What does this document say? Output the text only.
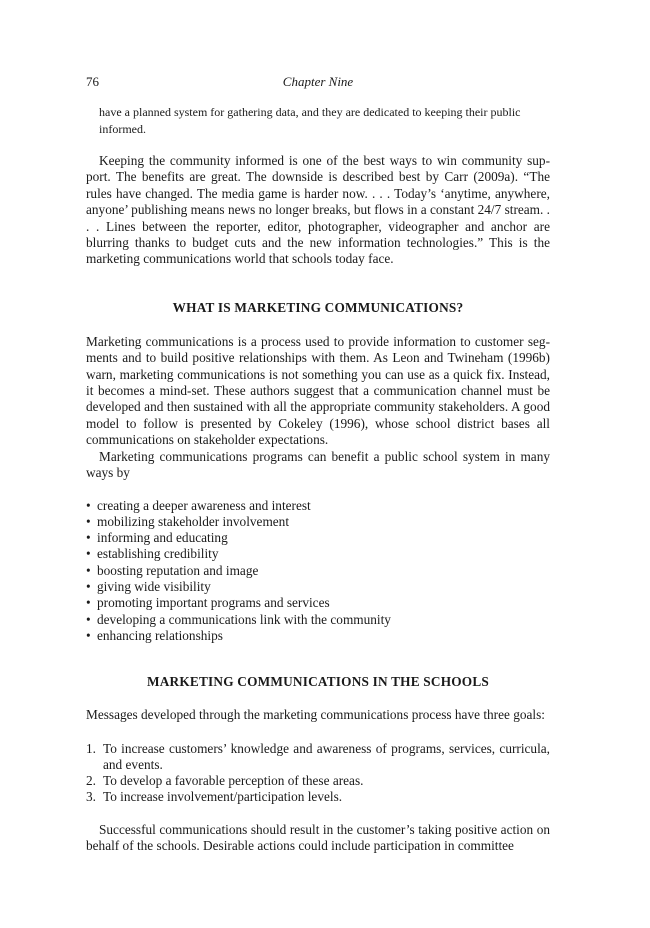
76	Chapter Nine
have a planned system for gathering data, and they are dedicated to keeping their public informed.

Keeping the community informed is one of the best ways to win community support. The benefits are great. The downside is described best by Carr (2009a). “The rules have changed. The media game is harder now. . . . Today’s ‘anytime, anywhere, anyone’ publishing means news no longer breaks, but flows in a constant 24/7 stream. . . . Lines between the reporter, editor, photographer, videographer and anchor are blurring thanks to budget cuts and the new information technologies.” This is the marketing communications world that schools today face.

WHAT IS MARKETING COMMUNICATIONS?

Marketing communications is a process used to provide information to customer segments and to build positive relationships with them. As Leon and Twineham (1996b) warn, marketing communications is not something you can use as a quick fix. Instead, it becomes a mind-set. These authors suggest that a communication channel must be developed and then sustained with all the appropriate community stakeholders. A good model to follow is presented by Cokeley (1996), whose school district bases all communications on stakeholder expectations.

Marketing communications programs can benefit a public school system in many ways by

• creating a deeper awareness and interest
• mobilizing stakeholder involvement
• informing and educating
• establishing credibility
• boosting reputation and image
• giving wide visibility
• promoting important programs and services
• developing a communications link with the community
• enhancing relationships
MARKETING COMMUNICATIONS IN THE SCHOOLS

Messages developed through the marketing communications process have three goals:

1. To increase customers’ knowledge and awareness of programs, services, curricula, and events.
2. To develop a favorable perception of these areas.
3. To increase involvement/participation levels.

Successful communications should result in the customer’s taking positive action on behalf of the schools. Desirable actions could include participation in committee
